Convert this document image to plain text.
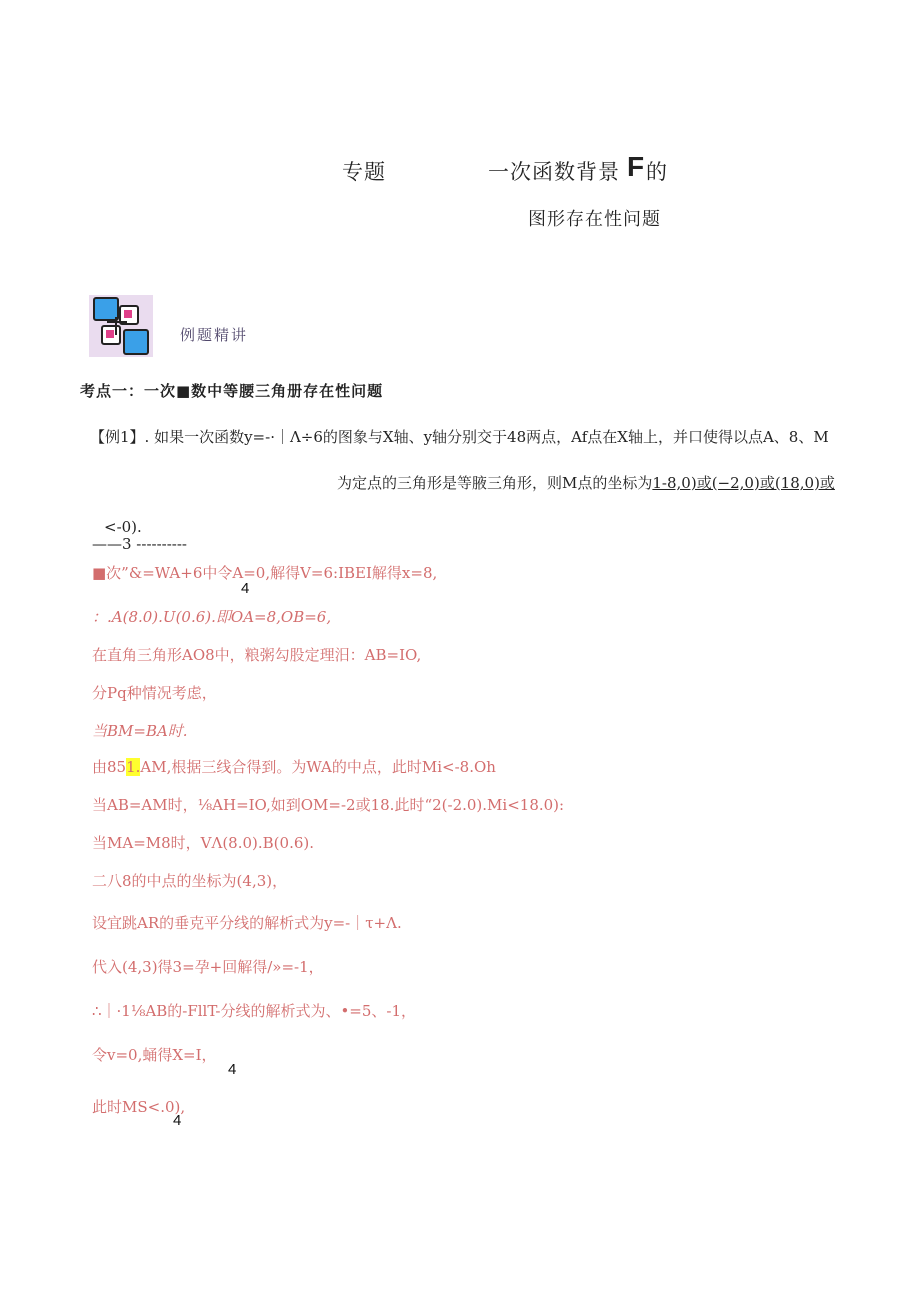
专题	一次函数背景 F 的
图形存在性问题
例题精讲
考点一：一次■数中等腰三角册存在性问题
【例1】. 如果一次函数y=-·｜Λ÷6的图象与X轴、y轴分别交于48两点，Af点在X轴上，并口使得以点A、8、M
为定点的三角形是等腋三角形，则M点的坐标为1-8,0)或(−2,0)或(18,0)或
<-0).
——3 ----------
■次”&=WA+6中令A=0,解得V=6:IBEI解得x=8,
4
：.A(8.0).U(0.6).即OA=8,OB=6,
在直角三角形AO8中，粮粥勾股定理汨：AB=IO,
分Pq种情况考虑，
当BM=BA时.
由851.AM,根据三线合得到。为WA的中点，此时Mi<-8.Oh
当AB=AM时，⅛AH=IO,如到OM=-2或18.此时“2(-2.0).Mi<18.0):
当MA=M8时，VΛ(8.0).B(0.6).
二八8的中点的坐标为(4,3)，
设宜跳AR的垂克平分线的解析式为y=-｜τ+Λ.
代入(4,3)得3=孕+回解得/»=-1，
∴｜·1⅛AB的-FllT-分线的解析式为、•=5、-1，
令v=0,蛹得X=I，
4
此时MS<.0),
4
